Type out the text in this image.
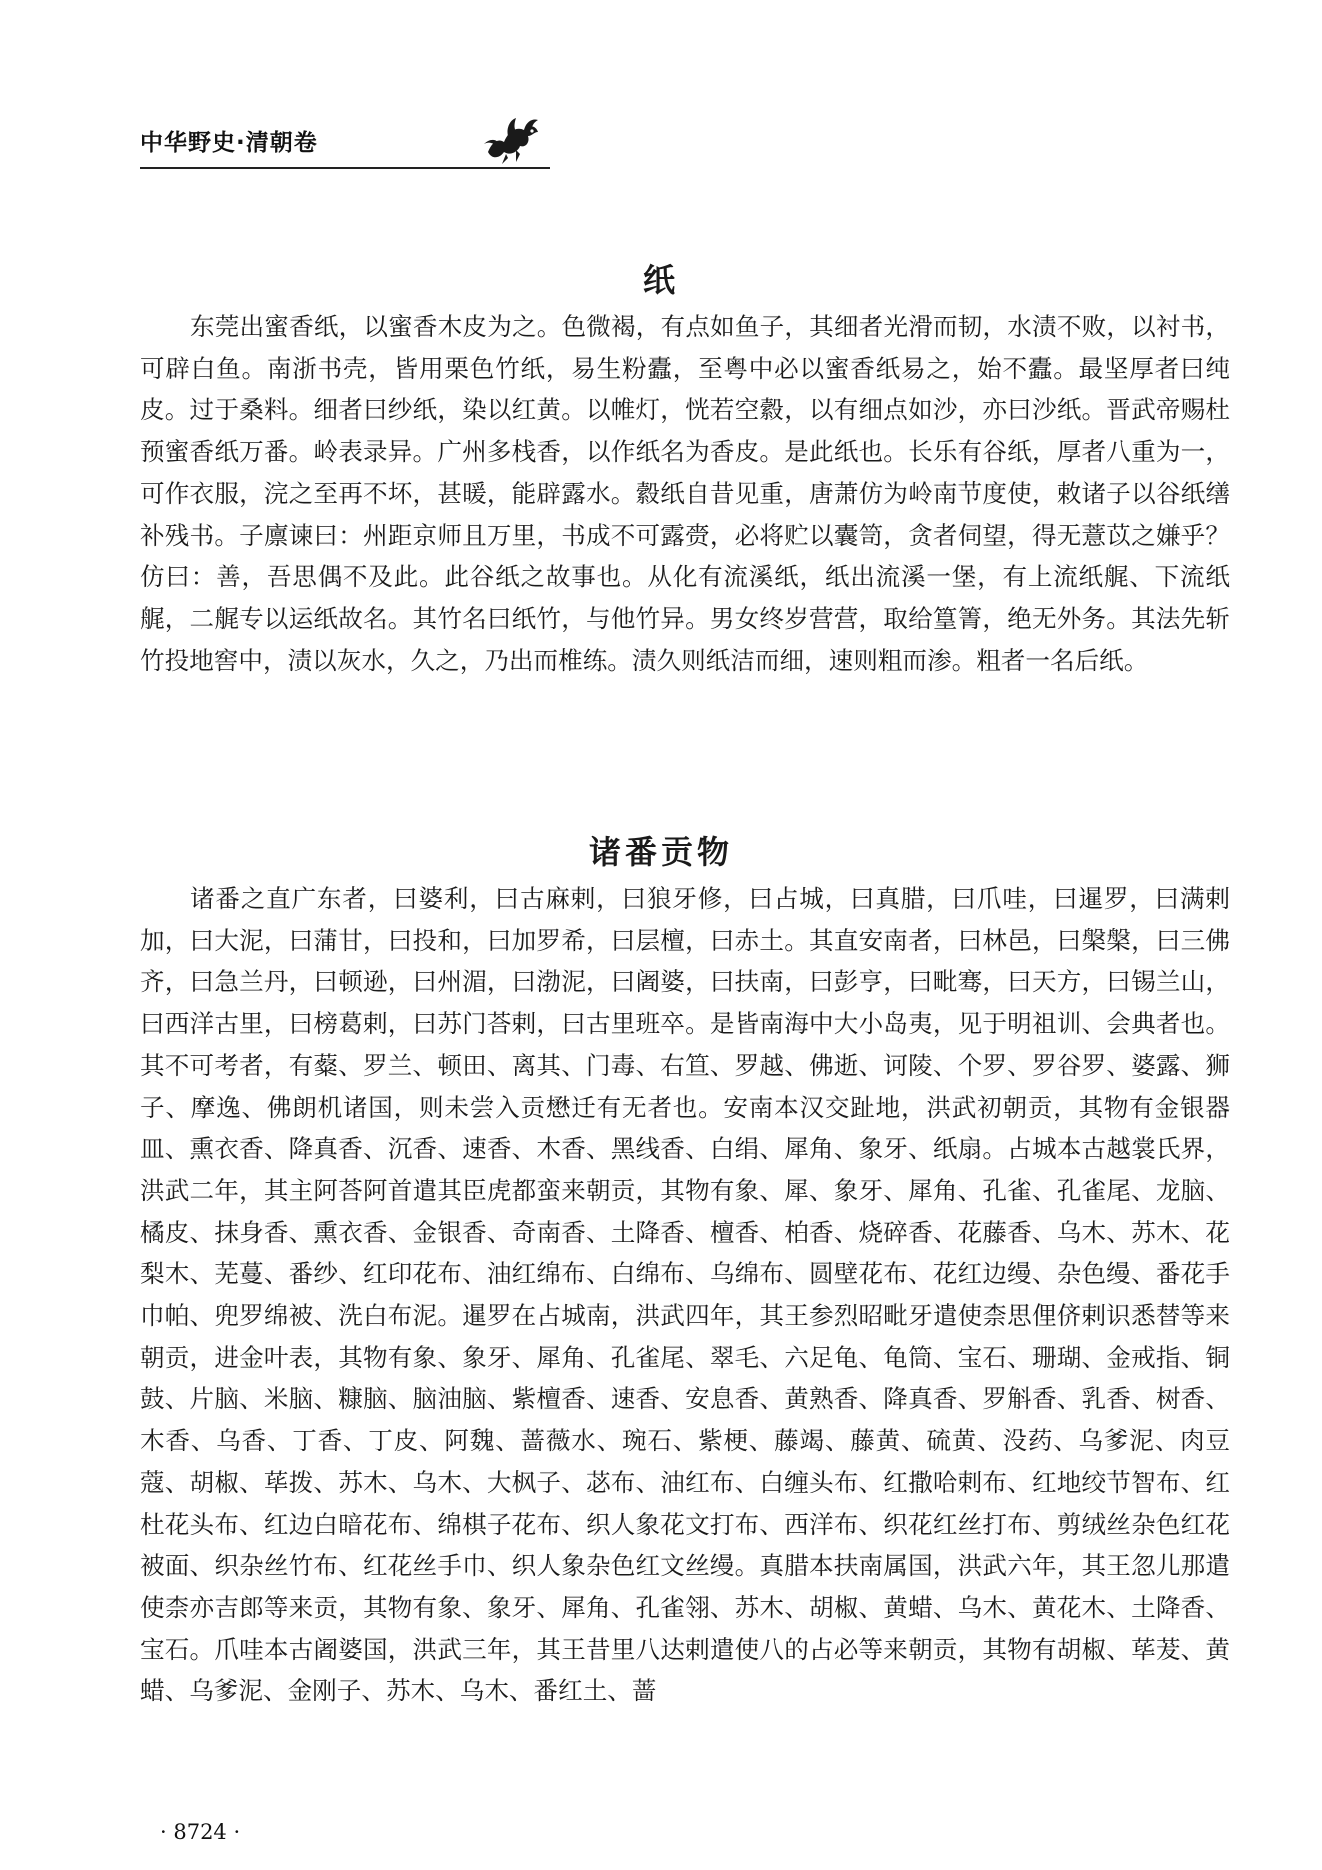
中华野史·清朝卷
纸

东莞出蜜香纸，以蜜香木皮为之。色微褐，有点如鱼子，其细者光滑而韧，水渍不败，以衬书，可辟白鱼。南浙书壳，皆用栗色竹纸，易生粉蠹，至粤中必以蜜香纸易之，始不蠹。最坚厚者曰纯皮。过于桑料。细者曰纱纸，染以红黄。以帷灯，恍若空縠，以有细点如沙，亦曰沙纸。晋武帝赐杜预蜜香纸万番。岭表录异。广州多栈香，以作纸名为香皮。是此纸也。长乐有谷纸，厚者八重为一，可作衣服，浣之至再不坏，甚暖，能辟露水。縠纸自昔见重，唐萧仿为岭南节度使，敕诸子以谷纸缮补残书。子廪谏曰：州距京师且万里，书成不可露赍，必将贮以囊笥，贪者伺望，得无薏苡之嫌乎？仿曰：善，吾思偶不及此。此谷纸之故事也。从化有流溪纸，纸出流溪一堡，有上流纸艉、下流纸艉，二艉专以运纸故名。其竹名曰纸竹，与他竹异。男女终岁营营，取给篁箐，绝无外务。其法先斩竹投地窖中，渍以灰水，久之，乃出而椎练。渍久则纸洁而细，速则粗而渗。粗者一名后纸。

诸番贡物

诸番之直广东者，曰婆利，曰古麻剌，曰狼牙修，曰占城，曰真腊，曰爪哇，曰暹罗，曰满剌加，曰大泥，曰蒲甘，曰投和，曰加罗希，曰层檀，曰赤土。其直安南者，曰林邑，曰槃槃，曰三佛齐，曰急兰丹，曰顿逊，曰州湄，曰渤泥，曰阇婆，曰扶南，曰彭亨，曰毗骞，曰天方，曰锡兰山，曰西洋古里，曰榜葛剌，曰苏门荅剌，曰古里班卒。是皆南海中大小岛夷，见于明祖训、会典者也。其不可考者，有薒、罗兰、顿田、离其、门毒、右笪、罗越、佛逝、诃陵、个罗、罗谷罗、婆露、狮子、摩逸、佛朗机诸国，则未尝入贡懋迁有无者也。安南本汉交趾地，洪武初朝贡，其物有金银器皿、熏衣香、降真香、沉香、速香、木香、黑线香、白绢、犀角、象牙、纸扇。占城本古越裳氏界，洪武二年，其主阿荅阿首遣其臣虎都蛮来朝贡，其物有象、犀、象牙、犀角、孔雀、孔雀尾、龙脑、橘皮、抹身香、熏衣香、金银香、奇南香、土降香、檀香、柏香、烧碎香、花藤香、乌木、苏木、花梨木、芜蔓、番纱、红印花布、油红绵布、白绵布、乌绵布、圆壁花布、花红边缦、杂色缦、番花手巾帕、兜罗绵被、洗白布泥。暹罗在占城南，洪武四年，其王参烈昭毗牙遣使柰思俚侪剌识悉替等来朝贡，进金叶表，其物有象、象牙、犀角、孔雀尾、翠毛、六足龟、龟筒、宝石、珊瑚、金戒指、铜鼓、片脑、米脑、糠脑、脑油脑、紫檀香、速香、安息香、黄熟香、降真香、罗斛香、乳香、树香、木香、乌香、丁香、丁皮、阿魏、蔷薇水、琬石、紫梗、藤竭、藤黄、硫黄、没药、乌爹泥、肉豆蔻、胡椒、荜拨、苏木、乌木、大枫子、苾布、油红布、白缠头布、红撒哈剌布、红地绞节智布、红杜花头布、红边白暗花布、绵棋子花布、织人象花文打布、西洋布、织花红丝打布、剪绒丝杂色红花被面、织杂丝竹布、红花丝手巾、织人象杂色红文丝缦。真腊本扶南属国，洪武六年，其王忽儿那遣使柰亦吉郎等来贡，其物有象、象牙、犀角、孔雀翎、苏木、胡椒、黄蜡、乌木、黄花木、土降香、宝石。爪哇本古阇婆国，洪武三年，其王昔里八达剌遣使八的占必等来朝贡，其物有胡椒、荜茇、黄蜡、乌爹泥、金刚子、苏木、乌木、番红土、蔷

· 8724 ·
